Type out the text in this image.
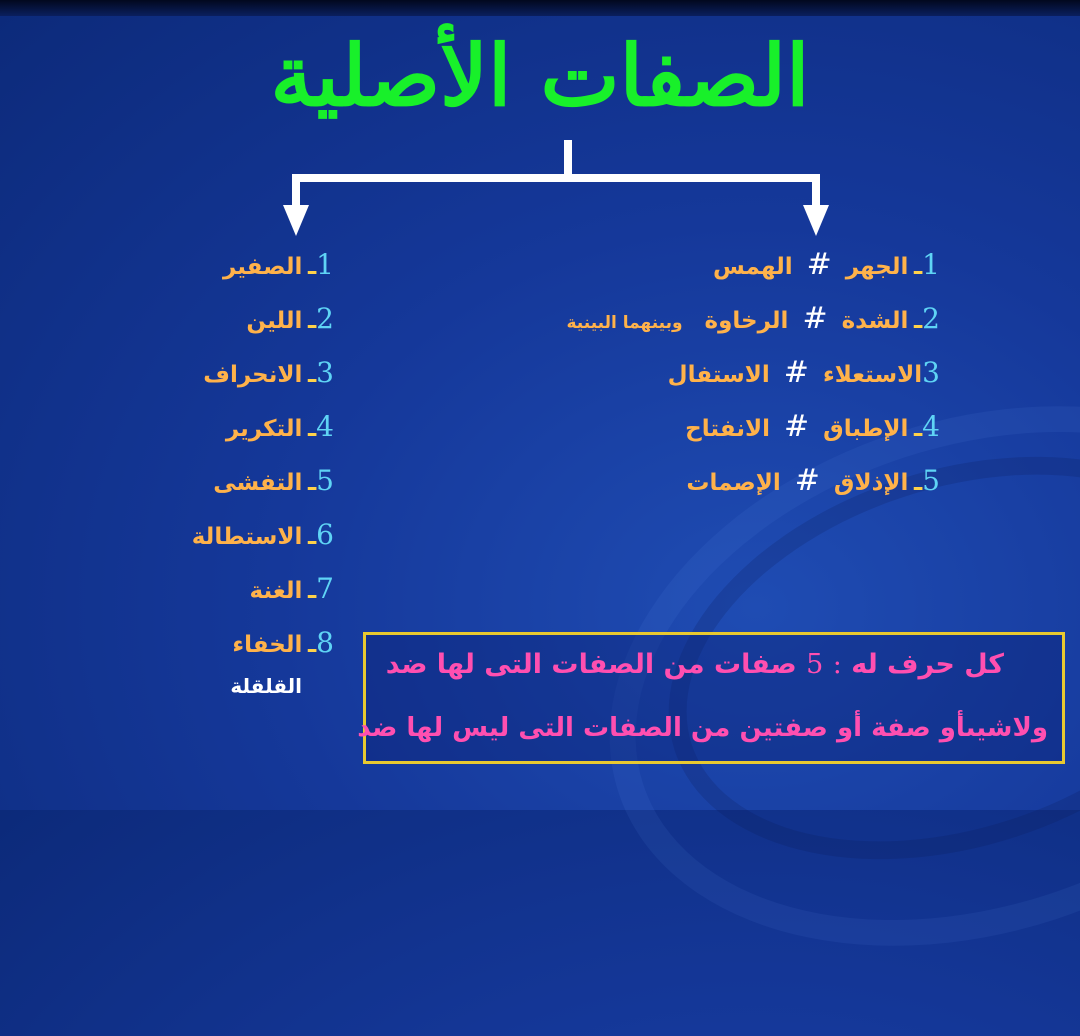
الصفات الأصلية
1ـ الجهر#الهمس
2ـ الشدة#الرخاوةوبينهما البينية
3الاستعلاء#الاستفال
4ـ الإطباق#الانفتاح
5ـ الإذلاق#الإصمات
1ـ الصفير
2ـ اللين
3ـ الانحراف
4ـ التكرير
5ـ التفشى
6ـ الاستطالة
7ـ الغنة
8ـ الخفاء
القلقلة
كل حرف له : 5 صفات من الصفات التى لها ضد
ولاشيىأو صفة أو صفتين من الصفات التى ليس لها ضد
